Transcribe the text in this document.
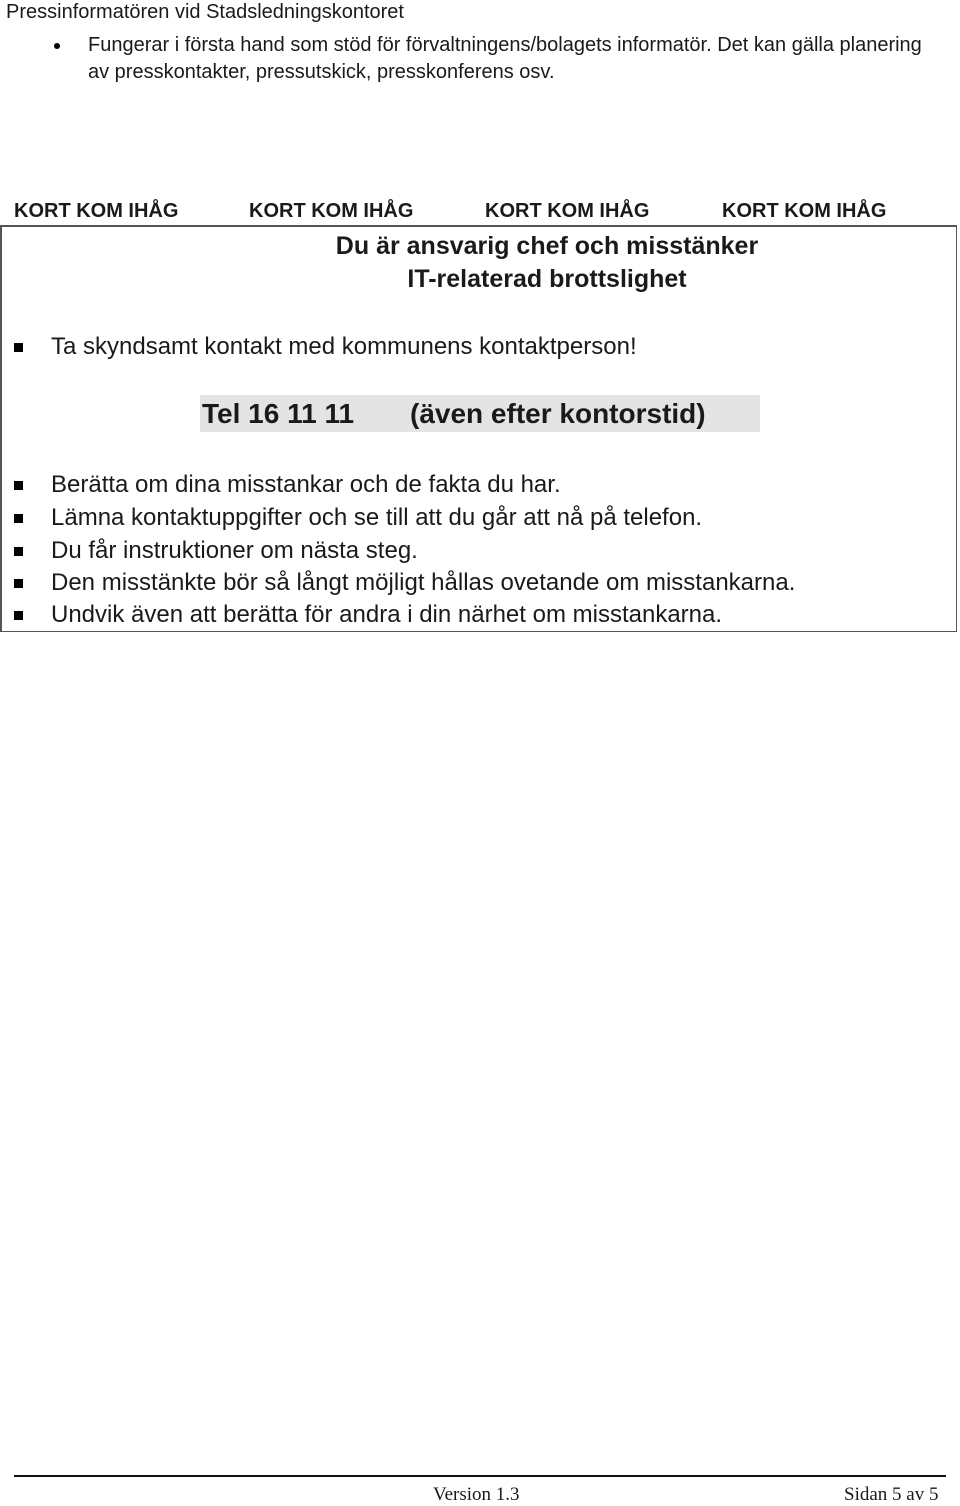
Pressinformatören vid Stadsledningskontoret
Fungerar i första hand som stöd för förvaltningens/bolagets informatör. Det kan gälla planering av presskontakter, pressutskick, presskonferens osv.
KORT KOM IHÅG	KORT KOM IHÅG	KORT KOM IHÅG	KORT KOM IHÅG
Du är ansvarig chef och misstänker
IT-relaterad brottslighet
Ta skyndsamt kontakt med kommunens kontaktperson!
Tel 16 11 11 (även efter kontorstid)
Berätta om dina misstankar och de fakta du har.
Lämna kontaktuppgifter och se till att du går att nå på telefon.
Du får instruktioner om nästa steg.
Den misstänkte bör så långt möjligt hållas ovetande om misstankarna.
Undvik även att berätta för andra i din närhet om misstankarna.
Version 1.3	Sidan 5 av 5
